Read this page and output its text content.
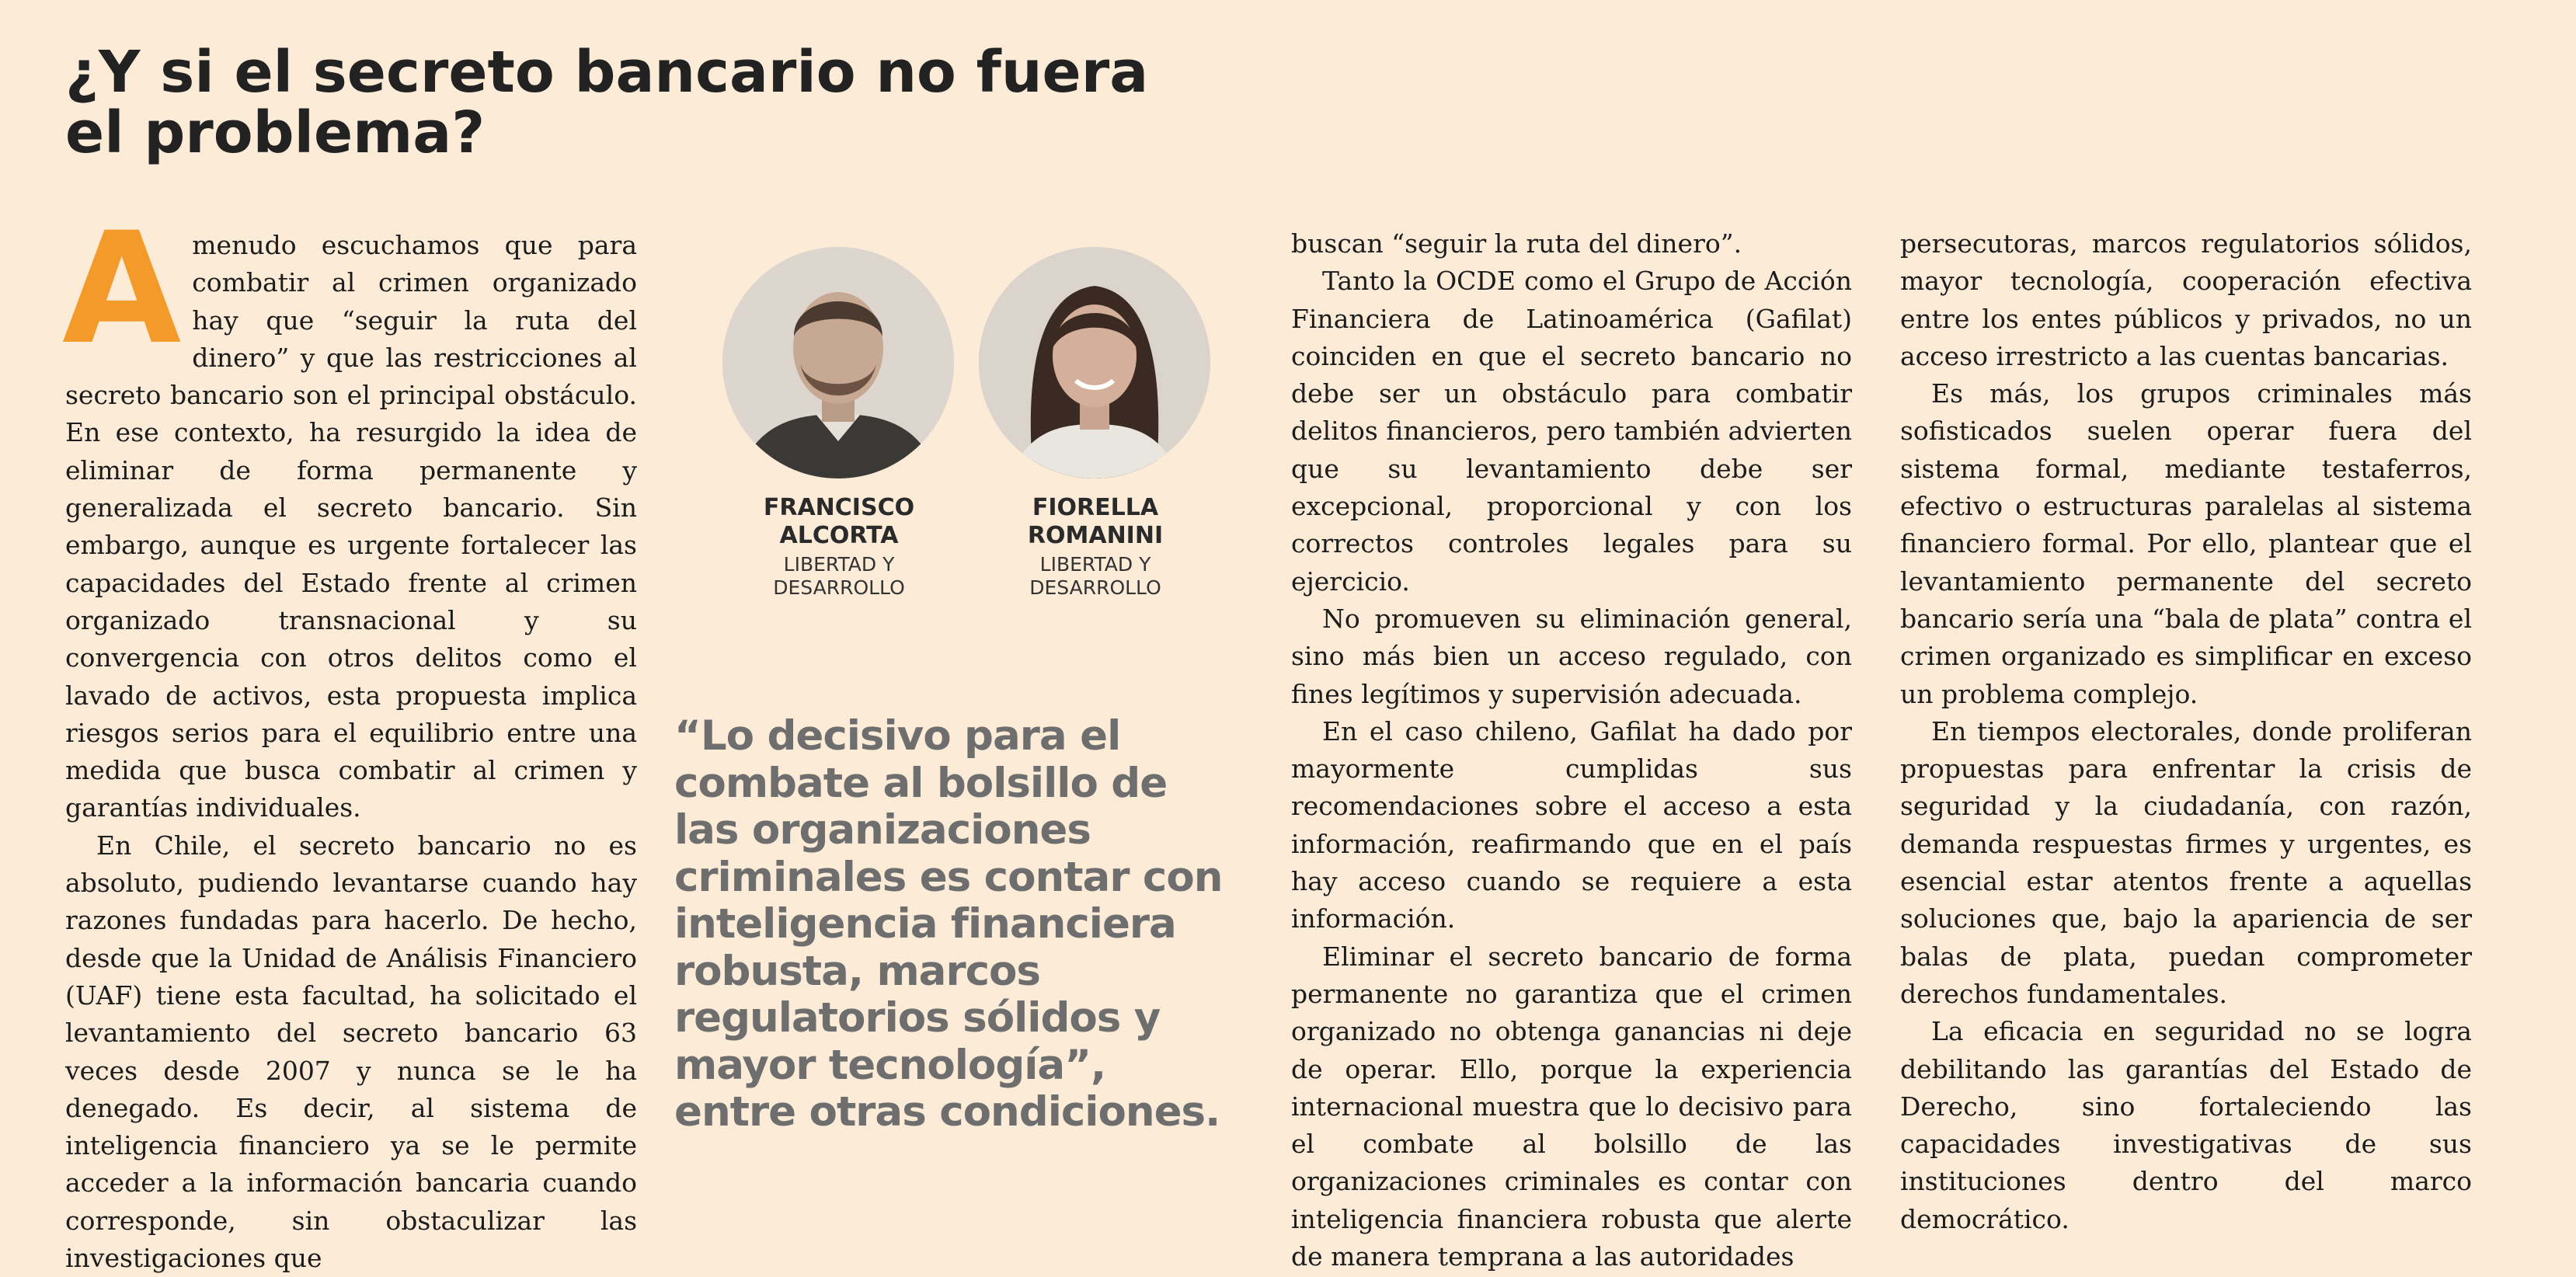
¿Y si el secreto bancario no fuera el problema?

Amenudo escuchamos que para combatir al crimen organizado hay que “seguir la ruta del dinero” y que las restricciones al secreto bancario son el principal obstáculo. En ese contexto, ha resurgido la idea de eliminar de forma permanente y generalizada el secreto bancario. Sin embargo, aunque es urgente fortalecer las capacidades del Estado frente al crimen organizado transnacional y su convergencia con otros delitos como el lavado de activos, esta propuesta implica riesgos serios para el equilibrio entre una medida que busca combatir al crimen y garantías individuales.

En Chile, el secreto bancario no es absoluto, pudiendo levantarse cuando hay razones fundadas para hacerlo. De hecho, desde que la Unidad de Análisis Financiero (UAF) tiene esta facultad, ha solicitado el levantamiento del secreto bancario 63 veces desde 2007 y nunca se le ha denegado. Es decir, al sistema de inteligencia financiero ya se le permite acceder a la información bancaria cuando corresponde, sin obstaculizar las investigaciones que

FRANCISCO ALCORTA
FIORELLA ROMANINI
LIBERTAD Y DESARROLLO
LIBERTAD Y DESARROLLO
“Lo decisivo para el combate al bolsillo de las organizaciones criminales es contar con inteligencia financiera robusta, marcos regulatorios sólidos y mayor tecnología”, entre otras condiciones.

buscan “seguir la ruta del dinero”.

Tanto la OCDE como el Grupo de Acción Financiera de Latinoamérica (Gafilat) coinciden en que el secreto bancario no debe ser un obstáculo para combatir delitos financieros, pero también advierten que su levantamiento debe ser excepcional, proporcional y con los correctos controles legales para su ejercicio.

No promueven su eliminación general, sino más bien un acceso regulado, con fines legítimos y supervisión adecuada.

En el caso chileno, Gafilat ha dado por mayormente cumplidas sus recomendaciones sobre el acceso a esta información, reafirmando que en el país hay acceso cuando se requiere a esta información.

Eliminar el secreto bancario de forma permanente no garantiza que el crimen organizado no obtenga ganancias ni deje de operar. Ello, porque la experiencia internacional muestra que lo decisivo para el combate al bolsillo de las organizaciones criminales es contar con inteligencia financiera robusta que alerte de manera temprana a las autoridades

persecutoras, marcos regulatorios sólidos, mayor tecnología, cooperación efectiva entre los entes públicos y privados, no un acceso irrestricto a las cuentas bancarias.

Es más, los grupos criminales más sofisticados suelen operar fuera del sistema formal, mediante testaferros, efectivo o estructuras paralelas al sistema financiero formal. Por ello, plantear que el levantamiento permanente del secreto bancario sería una “bala de plata” contra el crimen organizado es simplificar en exceso un problema complejo.

En tiempos electorales, donde proliferan propuestas para enfrentar la crisis de seguridad y la ciudadanía, con razón, demanda respuestas firmes y urgentes, es esencial estar atentos frente a aquellas soluciones que, bajo la apariencia de ser balas de plata, puedan comprometer derechos fundamentales.

La eficacia en seguridad no se logra debilitando las garantías del Estado de Derecho, sino fortaleciendo las capacidades investigativas de sus instituciones dentro del marco democrático.
